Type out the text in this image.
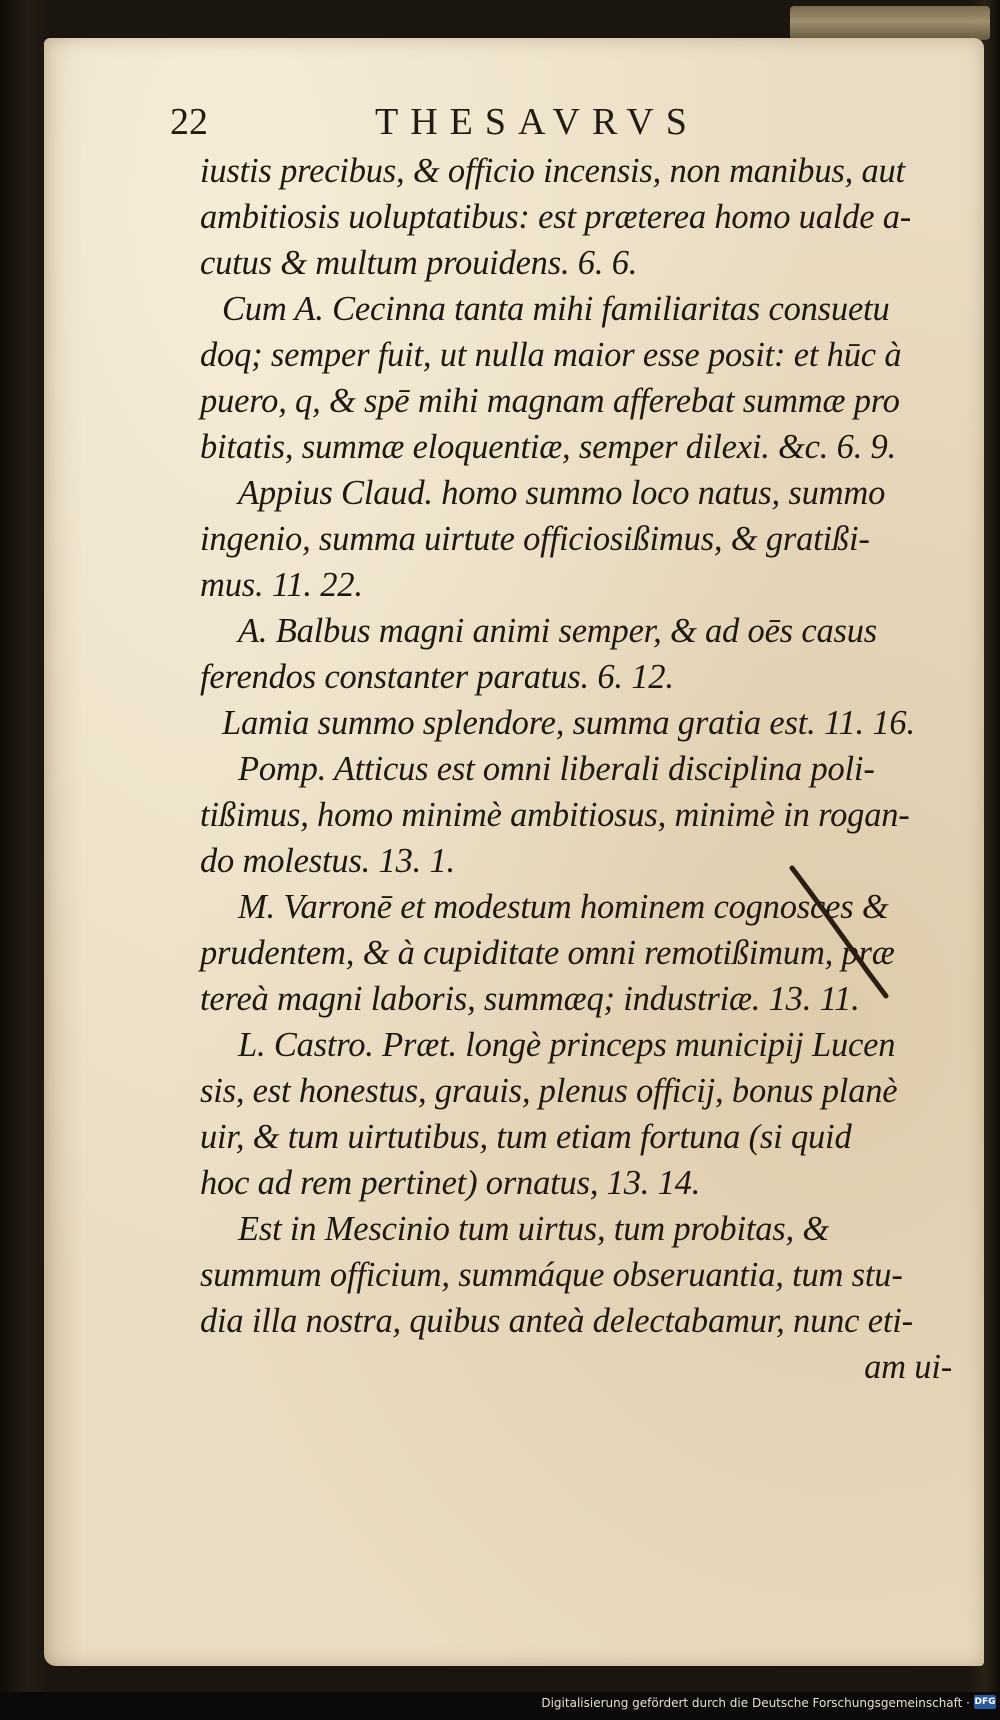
22	THESAVRVS
iustis precibus, & officio incensis, non manibus, aut
ambitiosis uoluptatibus: est præterea homo ualde a-
cutus & multum prouidens. 6. 6.
Cum A. Cecinna tanta mihi familiaritas consuetu
doq; semper fuit, ut nulla maior esse posit: et hūc à
puero, q, & spē mihi magnam afferebat summæ pro
bitatis, summæ eloquentiæ, semper dilexi. &c. 6. 9.
Appius Claud. homo summo loco natus, summo
ingenio, summa uirtute officiosißimus, & gratißi-
mus. 11. 22.
A. Balbus magni animi semper, & ad oēs casus
ferendos constanter paratus. 6. 12.
Lamia summo splendore, summa gratia est. 11. 16.
Pomp. Atticus est omni liberali disciplina poli-
tißimus, homo minimè ambitiosus, minimè in rogan-
do molestus. 13. 1.
M. Varronē et modestum hominem cognosces &
prudentem, & à cupiditate omni remotißimum, præ
tereà magni laboris, summæq; industriæ. 13. 11.
L. Castro. Præt. longè princeps municipij Lucen
sis, est honestus, grauis, plenus officij, bonus planè
uir, & tum uirtutibus, tum etiam fortuna (si quid
hoc ad rem pertinet) ornatus, 13. 14.
Est in Mescinio tum uirtus, tum probitas, &
summum officium, summáque obseruantia, tum stu-
dia illa nostra, quibus anteà delectabamur, nunc eti-
am ui-
Digitalisierung gefördert durch die Deutsche Forschungsgemeinschaft · DFG
